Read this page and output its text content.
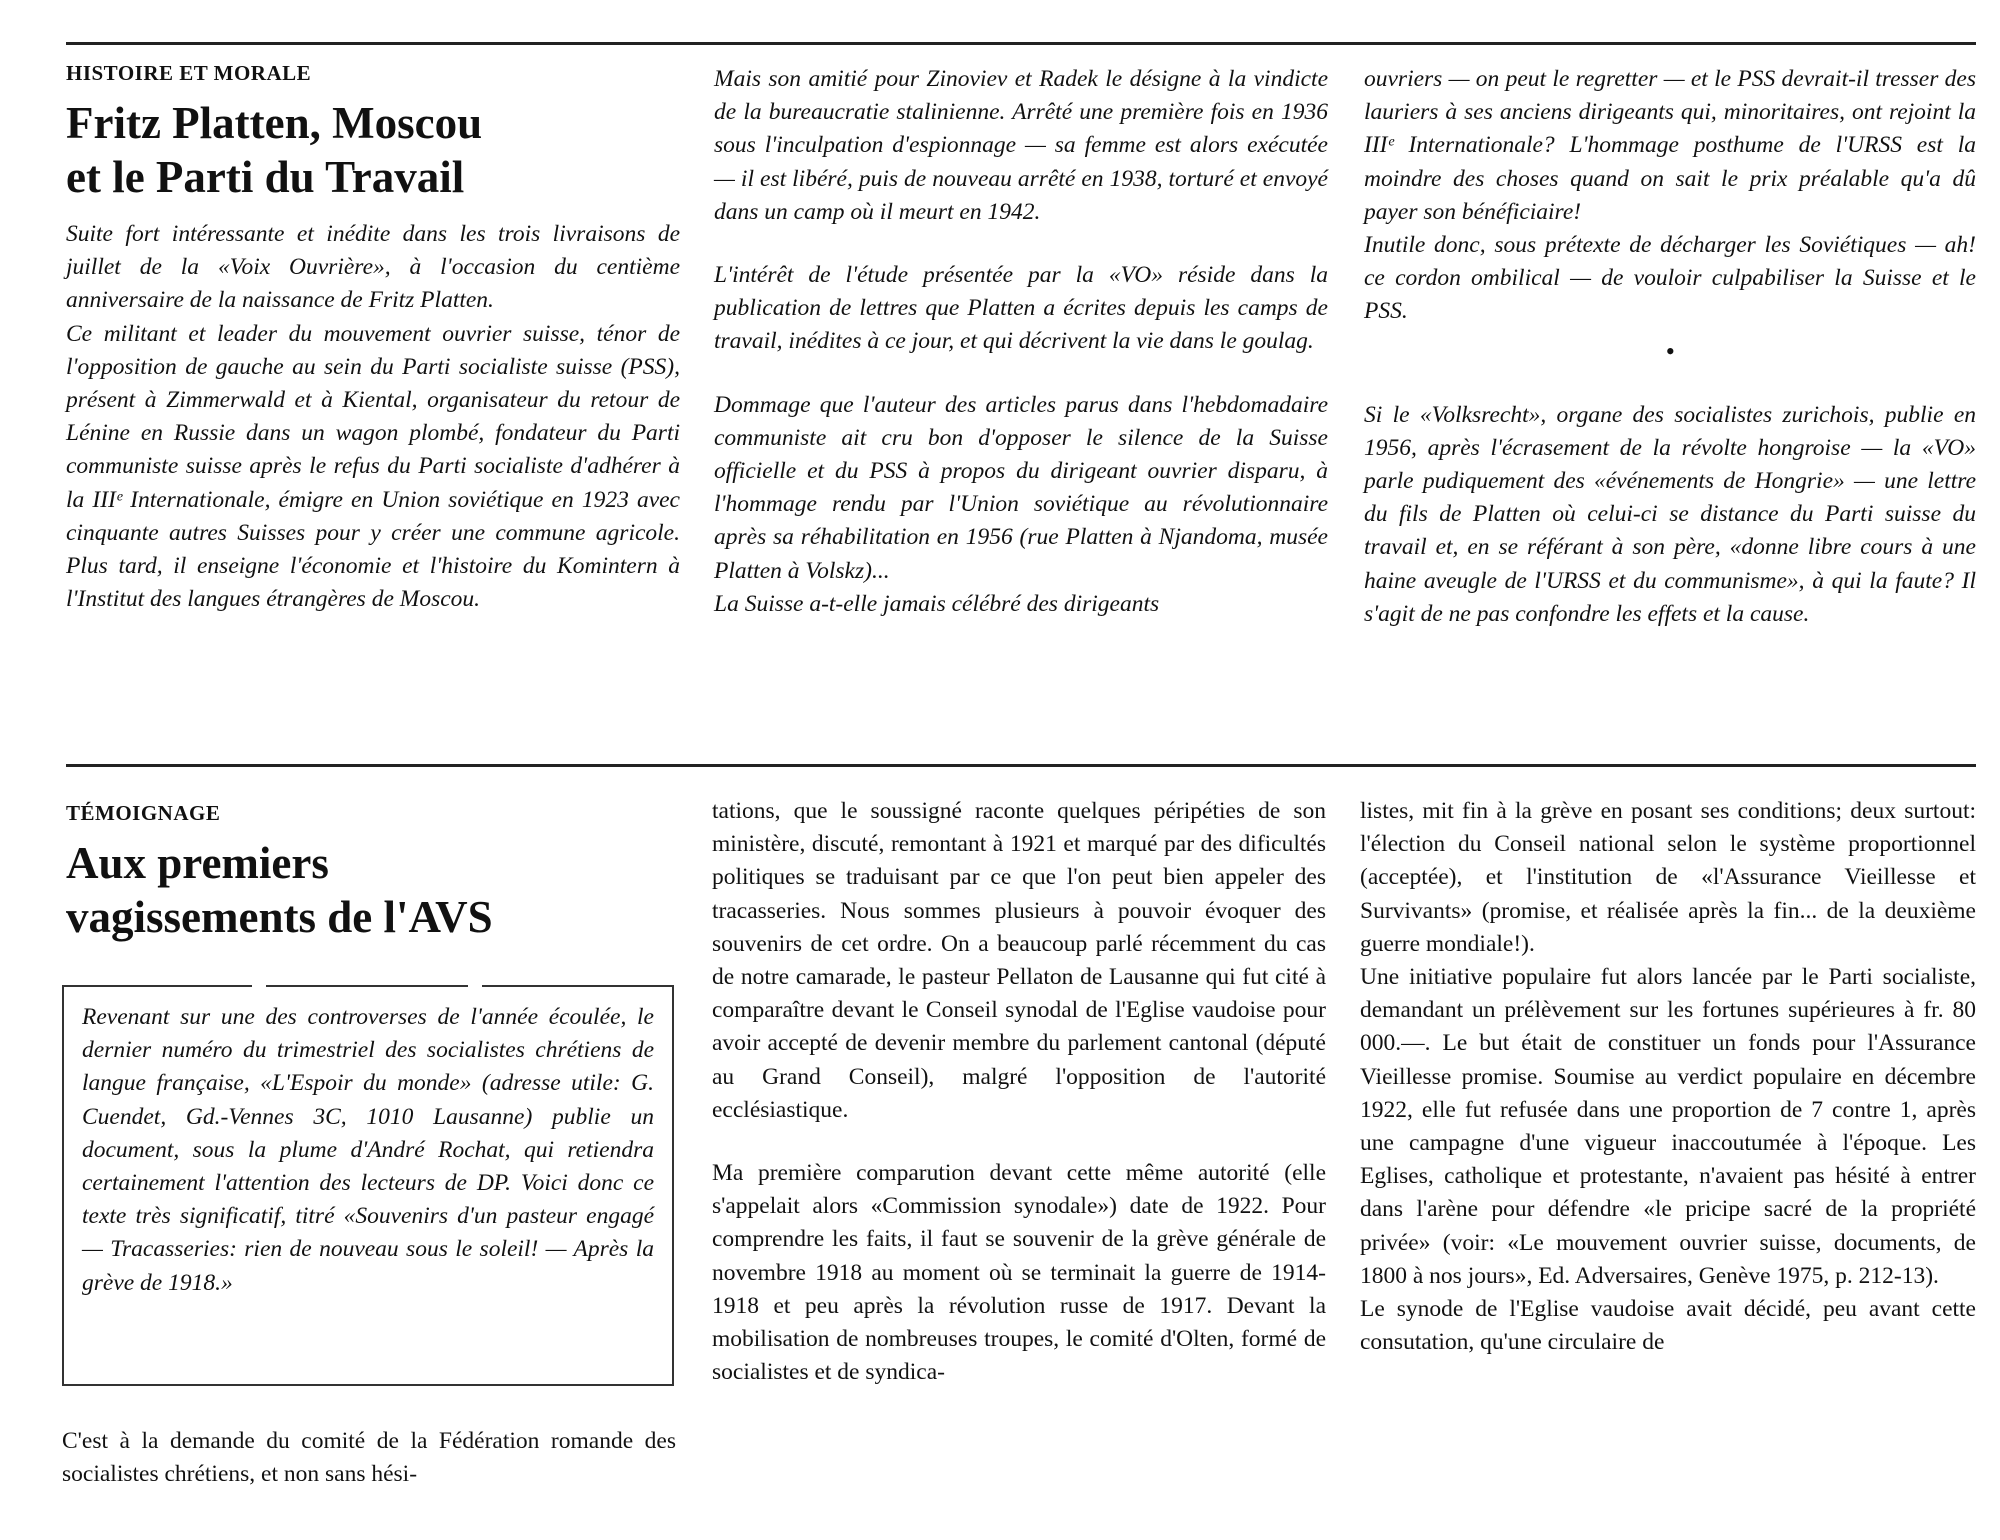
HISTOIRE ET MORALE
Fritz Platten, Moscou
et le Parti du Travail

Suite fort intéressante et inédite dans les trois livraisons de juillet de la «Voix Ouvrière», à l'occasion du centième anniversaire de la naissance de Fritz Platten.

Ce militant et leader du mouvement ouvrier suisse, ténor de l'opposition de gauche au sein du Parti socialiste suisse (PSS), présent à Zimmerwald et à Kiental, organisateur du retour de Lénine en Russie dans un wagon plombé, fondateur du Parti communiste suisse après le refus du Parti socialiste d'adhérer à la IIIᵉ Internationale, émigre en Union soviétique en 1923 avec cinquante autres Suisses pour y créer une commune agricole. Plus tard, il enseigne l'économie et l'histoire du Komintern à l'Institut des langues étrangères de Moscou.

Mais son amitié pour Zinoviev et Radek le désigne à la vindicte de la bureaucratie stalinienne. Arrêté une première fois en 1936 sous l'inculpation d'espionnage — sa femme est alors exécutée — il est libéré, puis de nouveau arrêté en 1938, torturé et envoyé dans un camp où il meurt en 1942.

L'intérêt de l'étude présentée par la «VO» réside dans la publication de lettres que Platten a écrites depuis les camps de travail, inédites à ce jour, et qui décrivent la vie dans le goulag.

Dommage que l'auteur des articles parus dans l'hebdomadaire communiste ait cru bon d'opposer le silence de la Suisse officielle et du PSS à propos du dirigeant ouvrier disparu, à l'hommage rendu par l'Union soviétique au révolutionnaire après sa réhabilitation en 1956 (rue Platten à Njandoma, musée Platten à Volskz)...

La Suisse a-t-elle jamais célébré des dirigeants

ouvriers — on peut le regretter — et le PSS devrait-il tresser des lauriers à ses anciens dirigeants qui, minoritaires, ont rejoint la IIIᵉ Internationale? L'hommage posthume de l'URSS est la moindre des choses quand on sait le prix préalable qu'a dû payer son bénéficiaire!

Inutile donc, sous prétexte de décharger les Soviétiques — ah! ce cordon ombilical — de vouloir culpabiliser la Suisse et le PSS.

•

Si le «Volksrecht», organe des socialistes zurichois, publie en 1956, après l'écrasement de la révolte hongroise — la «VO» parle pudiquement des «événements de Hongrie» — une lettre du fils de Platten où celui-ci se distance du Parti suisse du travail et, en se référant à son père, «donne libre cours à une haine aveugle de l'URSS et du communisme», à qui la faute? Il s'agit de ne pas confondre les effets et la cause.

TÉMOIGNAGE
Aux premiers
vagissements de l'AVS
Revenant sur une des controverses de l'année écoulée, le dernier numéro du trimestriel des socialistes chrétiens de langue française, «L'Espoir du monde» (adresse utile: G. Cuendet, Gd.-Vennes 3C, 1010 Lausanne) publie un document, sous la plume d'André Rochat, qui retiendra certainement l'attention des lecteurs de DP. Voici donc ce texte très significatif, titré «Souvenirs d'un pasteur engagé — Tracasseries: rien de nouveau sous le soleil! — Après la grève de 1918.»

C'est à la demande du comité de la Fédération romande des socialistes chrétiens, et non sans hési-

tations, que le soussigné raconte quelques péripéties de son ministère, discuté, remontant à 1921 et marqué par des dificultés politiques se traduisant par ce que l'on peut bien appeler des tracasseries. Nous sommes plusieurs à pouvoir évoquer des souvenirs de cet ordre. On a beaucoup parlé récemment du cas de notre camarade, le pasteur Pellaton de Lausanne qui fut cité à comparaître devant le Conseil synodal de l'Eglise vaudoise pour avoir accepté de devenir membre du parlement cantonal (député au Grand Conseil), malgré l'opposition de l'autorité ecclésiastique.

Ma première comparution devant cette même autorité (elle s'appelait alors «Commission synodale») date de 1922. Pour comprendre les faits, il faut se souvenir de la grève générale de novembre 1918 au moment où se terminait la guerre de 1914-1918 et peu après la révolution russe de 1917. Devant la mobilisation de nombreuses troupes, le comité d'Olten, formé de socialistes et de syndica-

listes, mit fin à la grève en posant ses conditions; deux surtout: l'élection du Conseil national selon le système proportionnel (acceptée), et l'institution de «l'Assurance Vieillesse et Survivants» (promise, et réalisée après la fin... de la deuxième guerre mondiale!).

Une initiative populaire fut alors lancée par le Parti socialiste, demandant un prélèvement sur les fortunes supérieures à fr. 80 000.—. Le but était de constituer un fonds pour l'Assurance Vieillesse promise. Soumise au verdict populaire en décembre 1922, elle fut refusée dans une proportion de 7 contre 1, après une campagne d'une vigueur inaccoutumée à l'époque. Les Eglises, catholique et protestante, n'avaient pas hésité à entrer dans l'arène pour défendre «le pricipe sacré de la propriété privée» (voir: «Le mouvement ouvrier suisse, documents, de 1800 à nos jours», Ed. Adversaires, Genève 1975, p. 212-13).

Le synode de l'Eglise vaudoise avait décidé, peu avant cette consutation, qu'une circulaire de
